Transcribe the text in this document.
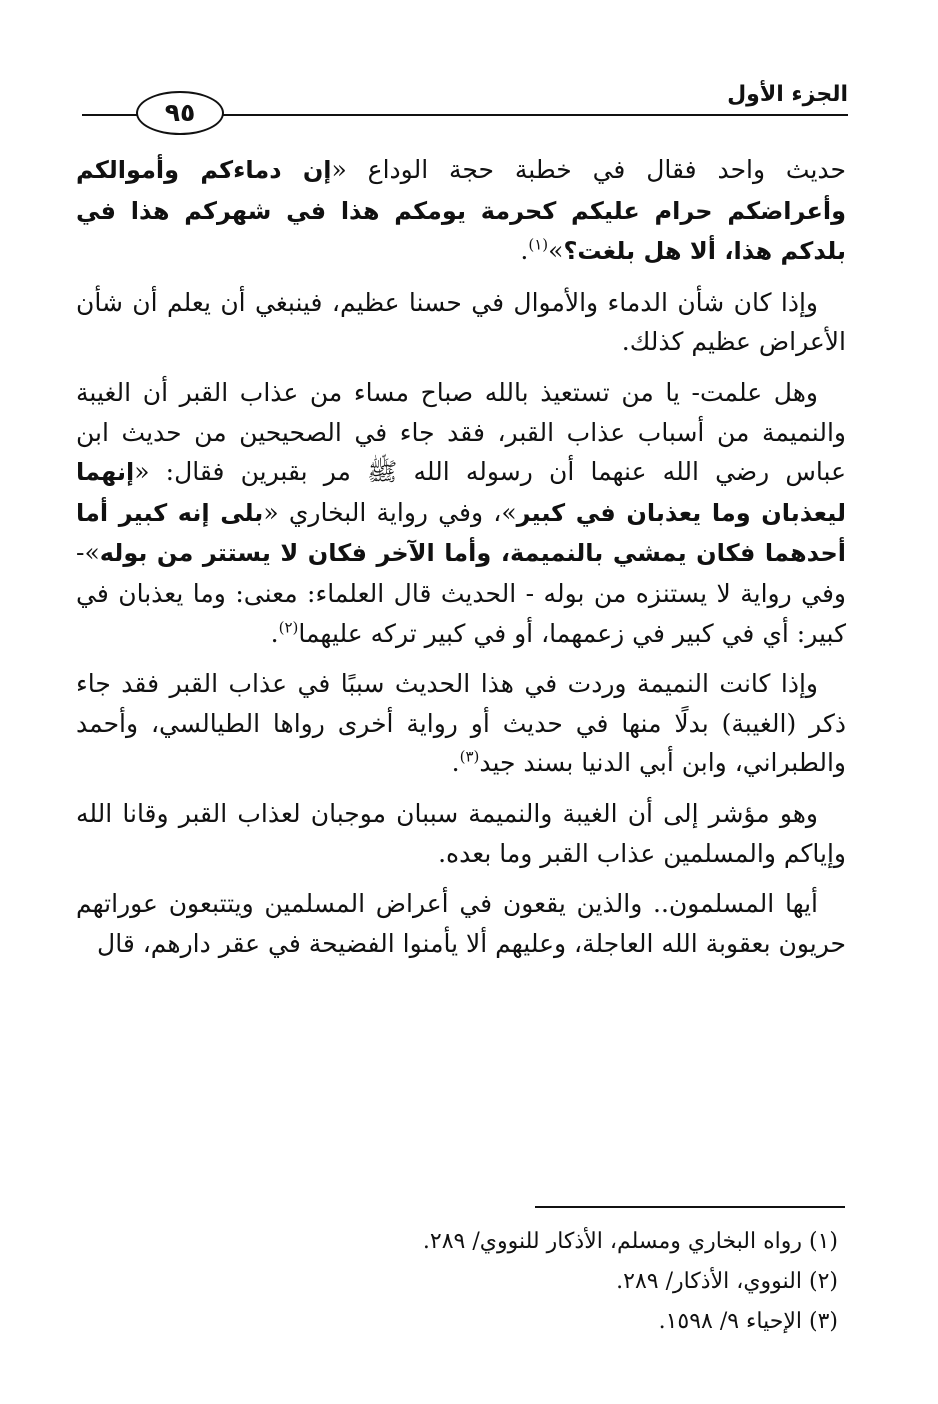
٩٥
الجزء الأول

حديث واحد فقال في خطبة حجة الوداع «إن دماءكم وأموالكم وأعراضكم حرام عليكم كحرمة يومكم هذا في شهركم هذا في بلدكم هذا، ألا هل بلغت؟»$^{(١)}$.

وإذا كان شأن الدماء والأموال في حسنا عظيم، فينبغي أن يعلم أن شأن الأعراض عظيم كذلك.

وهل علمت- يا من تستعيذ بالله صباح مساء من عذاب القبر أن الغيبة والنميمة من أسباب عذاب القبر، فقد جاء في الصحيحين من حديث ابن عباس رضي الله عنهما أن رسوله الله ﷺ مر بقبرين فقال: «إنهما ليعذبان وما يعذبان في كبير»، وفي رواية البخاري «بلى إنه كبير أما أحدهما فكان يمشي بالنميمة، وأما الآخر فكان لا يستتر من بوله»- وفي رواية لا يستنزه من بوله - الحديث قال العلماء: معنى: وما يعذبان في كبير: أي في كبير في زعمهما، أو في كبير تركه عليهما$^{(٢)}$.

وإذا كانت النميمة وردت في هذا الحديث سببًا في عذاب القبر فقد جاء ذكر (الغيبة) بدلًا منها في حديث أو رواية أخرى رواها الطيالسي، وأحمد والطبراني، وابن أبي الدنيا بسند جيد$^{(٣)}$.

وهو مؤشر إلى أن الغيبة والنميمة سببان موجبان لعذاب القبر وقانا الله وإياكم والمسلمين عذاب القبر وما بعده.

أيها المسلمون.. والذين يقعون في أعراض المسلمين ويتتبعون عوراتهم حريون بعقوبة الله العاجلة، وعليهم ألا يأمنوا الفضيحة في عقر دارهم، قال

(١) رواه البخاري ومسلم، الأذكار للنووي/ ٢٨٩.

(٢) النووي، الأذكار/ ٢٨٩.

(٣) الإحياء ٩/ ١٥٩٨.
